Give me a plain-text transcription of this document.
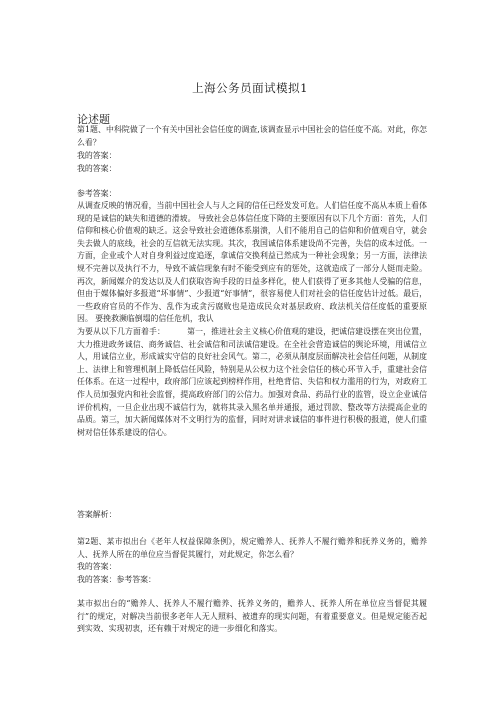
上海公务员面试模拟1
论述题

第1题、中科院做了一个有关中国社会信任度的调查,该调查显示中国社会的信任度不高。对此，你怎么看？

我的答案：

我的答案：

参考答案：

从调查反映的情况看，当前中国社会人与人之间的信任已经发发可危。人们信任度不高从本质上看体现的是诚信的缺失和道德的滑坡。 导致社会总体信任度下降的主要原因有以下几个方面：首先，人们信仰和核心价值观的缺乏。这会导致社会道德体系崩溃，人们不能用自己的信仰和价值观自守，就会失去做人的底线，社会的互信就无法实现。其次，我国诚信体系建设尚不完善，失信的成本过低。一方面，企业或个人对自身利益过度追逐，拿诚信交换利益已然成为一种社会现象；另一方面，法律法规不完善以及执行不力，导致不诚信现象有时不能受到应有的惩处，这就造成了一部分人铤而走险。再次，新闻媒介的发达以及人们获取咨询手段的日益多样化，使人们获得了更多其他人受骗的信息，但由于媒体偏好多报道“坏事情”、少报道“好事情”，很容易使人们对社会的信任度估计过低。最后，一些政府官员的不作为、乱作为或贪污腐败也是造成民众对基层政府、政法机关信任度低的重要原因。 要挽救濒临倒塌的信任危机，我认
为要从以下几方面着手：	第一，推进社会主义核心价值观的建设，把诚信建设摆在突出位置，大力推进政务诚信、商务诚信、社会诚信和司法诚信建设。在全社会营造诚信的舆论环境，用诚信立人，用诚信立业，形成诚实守信的良好社会风气。第二，必须从制度层面解决社会信任问题，从制度上、法律上和管理机制上降低信任风险，特别是从公权力这个社会信任的核心环节入手，重建社会信任体系。在这一过程中，政府部门应该起到榜样作用，杜绝背信、失信和权力滥用的行为，对政府工作人员加强党内和社会监督，提高政府部门的公信力。加强对食品、药品行业的监管，设立企业诚信评价机构，一旦企业出现不诚信行为，就将其录入黑名单并通报，通过罚款、整改等方法提高企业的品质。第三，加大新闻媒体对不文明行为的监督，同时对讲求诚信的事件进行积极的报道，使人们重树对信任体系建设的信心。

答案解析：

第2题、某市拟出台《老年人权益保障条例》，规定赡养人、抚养人不履行赡养和抚养义务的，赡养人、抚养人所在的单位应当督促其履行，对此规定，你怎么看？

我的答案：

我的答案：参考答案：

某市拟出台的“赡养人、抚养人不履行赡养、抚养义务的，赡养人、抚养人所在单位应当督促其履行”的规定，对解决当前很多老年人无人照料、被遗弃的现实问题，有着重要意义。但是规定能否起到实效、实现初衷，还有赖于对规定的进一步细化和落实。
